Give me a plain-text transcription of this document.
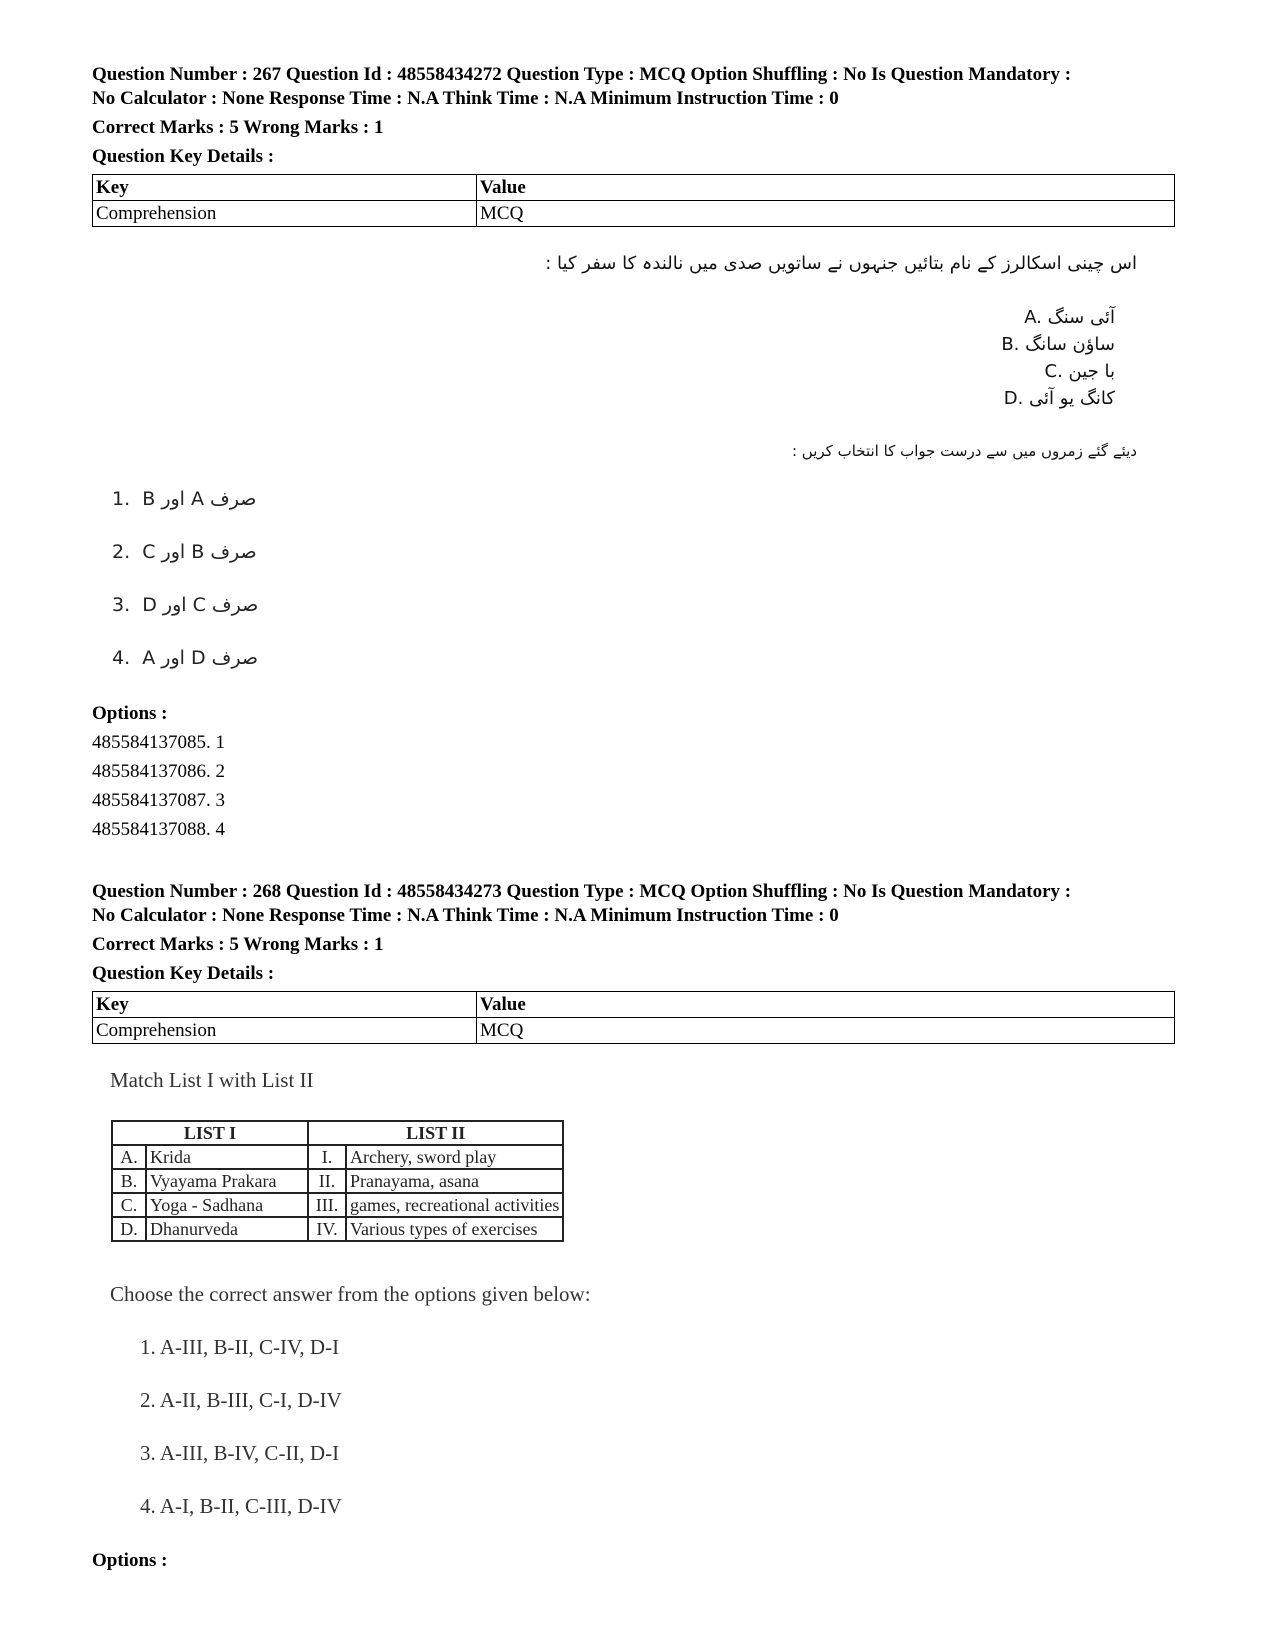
Question Number : 267 Question Id : 48558434272 Question Type : MCQ Option Shuffling : No Is Question Mandatory :
No Calculator : None Response Time : N.A Think Time : N.A Minimum Instruction Time : 0
Correct Marks : 5 Wrong Marks : 1
Question Key Details :
Key	Value
Comprehension	MCQ
اس چینی اسکالرز کے نام بتائیں جنہوں نے ساتویں صدی میں نالندہ کا سفر کیا :
A. آئی سنگ
B. ساؤن سانگ
C. با جین
D. کانگ یو آئی
دیئے گئے زمروں میں سے درست جواب کا انتخاب کریں :
1. صرف A اور B
2. صرف B اور C
3. صرف C اور D
4. صرف D اور A
Options :
485584137085. 1
485584137086. 2
485584137087. 3
485584137088. 4
Question Number : 268 Question Id : 48558434273 Question Type : MCQ Option Shuffling : No Is Question Mandatory :
No Calculator : None Response Time : N.A Think Time : N.A Minimum Instruction Time : 0
Correct Marks : 5 Wrong Marks : 1
Question Key Details :
Key	Value
Comprehension	MCQ
Match List I with List II
LIST I		LIST II	
A.	Krida	I.	Archery, sword play
B.	Vyayama Prakara	II.	Pranayama, asana
C.	Yoga - Sadhana	III.	games, recreational activities
D.	Dhanurveda	IV.	Various types of exercises
Choose the correct answer from the options given below:
1. A-III, B-II, C-IV, D-I
2. A-II, B-III, C-I, D-IV
3. A-III, B-IV, C-II, D-I
4. A-I, B-II, C-III, D-IV
Options :
